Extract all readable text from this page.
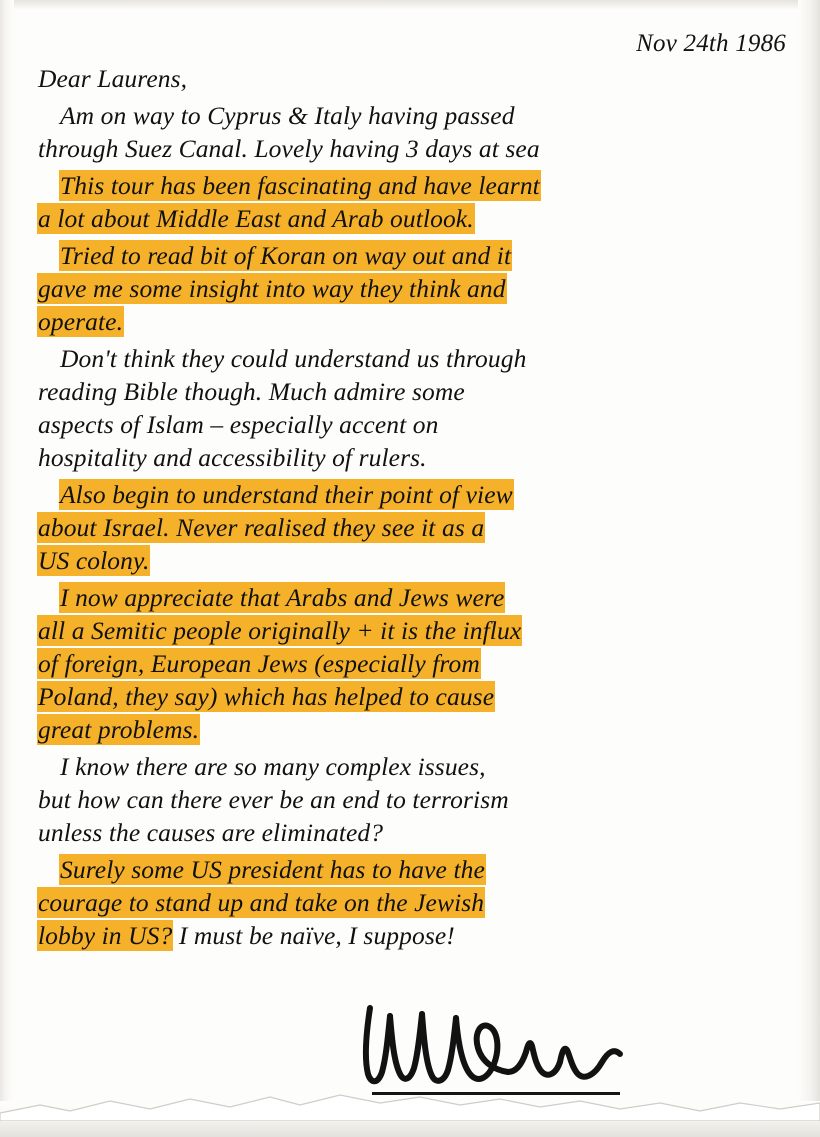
Nov 24th 1986
Dear Laurens,
Am on way to Cyprus & Italy having passed
through Suez Canal. Lovely having 3 days at sea
This tour has been fascinating and have learnt
a lot about Middle East and Arab outlook.
Tried to read bit of Koran on way out and it
gave me some insight into way they think and
operate.
Don't think they could understand us through
reading Bible though. Much admire some
aspects of Islam – especially accent on
hospitality and accessibility of rulers.
Also begin to understand their point of view
about Israel. Never realised they see it as a
US colony.
I now appreciate that Arabs and Jews were
all a Semitic people originally + it is the influx
of foreign, European Jews (especially from
Poland, they say) which has helped to cause
great problems.
I know there are so many complex issues,
but how can there ever be an end to terrorism
unless the causes are eliminated?
Surely some US president has to have the
courage to stand up and take on the Jewish
lobby in US? I must be naïve, I suppose!
